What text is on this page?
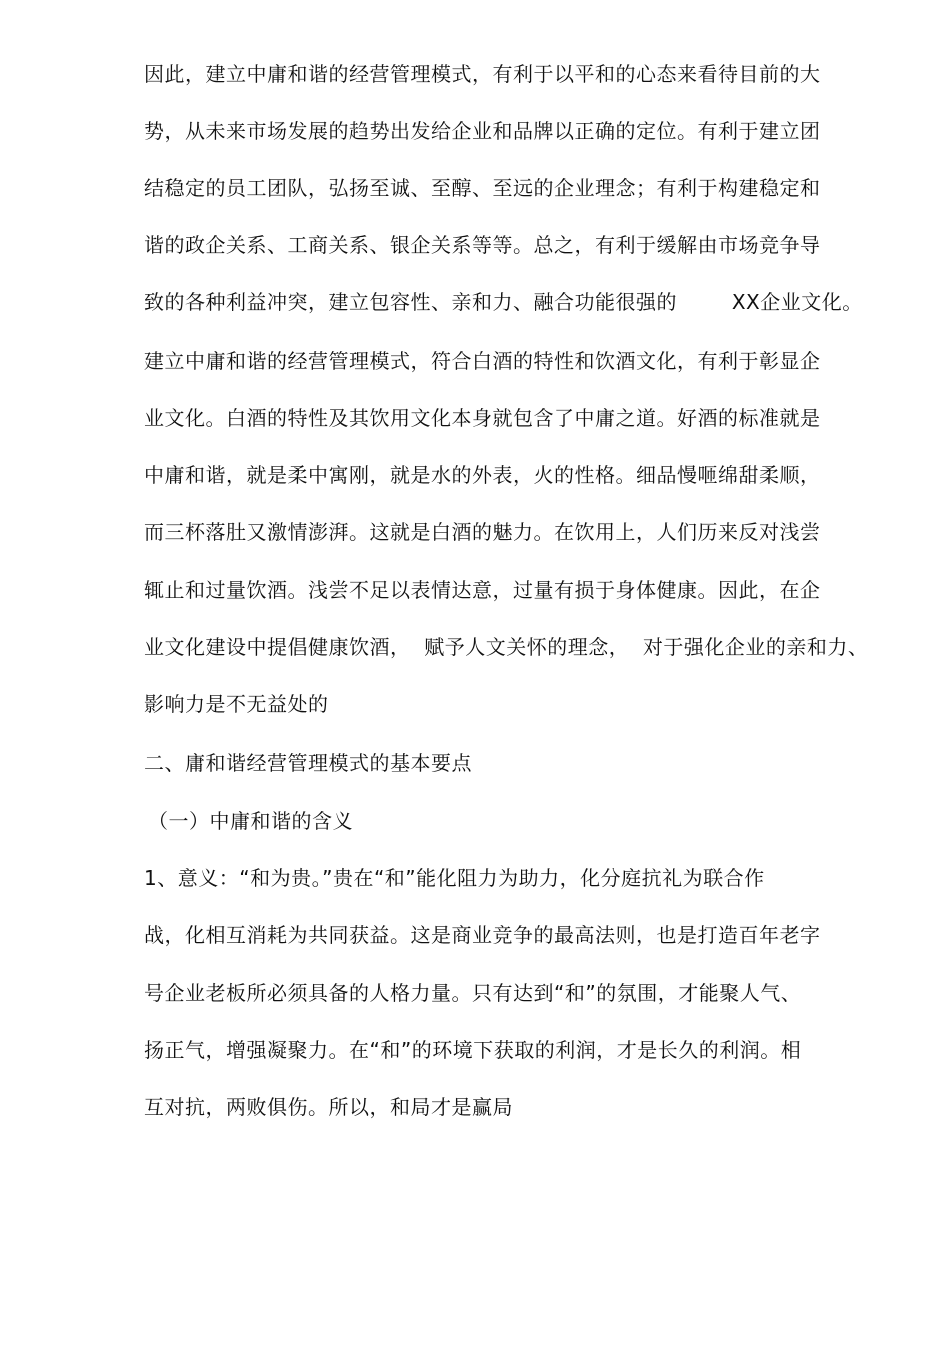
因此，建立中庸和谐的经营管理模式，有利于以平和的心态来看待目前的大
势，从未来市场发展的趋势出发给企业和品牌以正确的定位。有利于建立团
结稳定的员工团队，弘扬至诚、至醇、至远的企业理念；有利于构建稳定和
谐的政企关系、工商关系、银企关系等等。总之，有利于缓解由市场竞争导
致的各种利益冲突，建立包容性、亲和力、融合功能很强的        XX企业文化。
建立中庸和谐的经营管理模式，符合白酒的特性和饮酒文化，有利于彰显企
业文化。白酒的特性及其饮用文化本身就包含了中庸之道。好酒的标准就是
中庸和谐，就是柔中寓刚，就是水的外表，火的性格。细品慢咂绵甜柔顺，
而三杯落肚又激情澎湃。这就是白酒的魅力。在饮用上，人们历来反对浅尝
辄止和过量饮酒。浅尝不足以表情达意，过量有损于身体健康。因此，在企
业文化建设中提倡健康饮酒，  赋予人文关怀的理念，  对于强化企业的亲和力、
影响力是不无益处的
二、庸和谐经营管理模式的基本要点
（一）中庸和谐的含义
1、意义：“和为贵。”贵在“和”能化阻力为助力，化分庭抗礼为联合作
战，化相互消耗为共同获益。这是商业竞争的最高法则，也是打造百年老字
号企业老板所必须具备的人格力量。只有达到“和”的氛围，才能聚人气、
扬正气，增强凝聚力。在“和”的环境下获取的利润，才是长久的利润。相
互对抗，两败俱伤。所以，和局才是赢局
